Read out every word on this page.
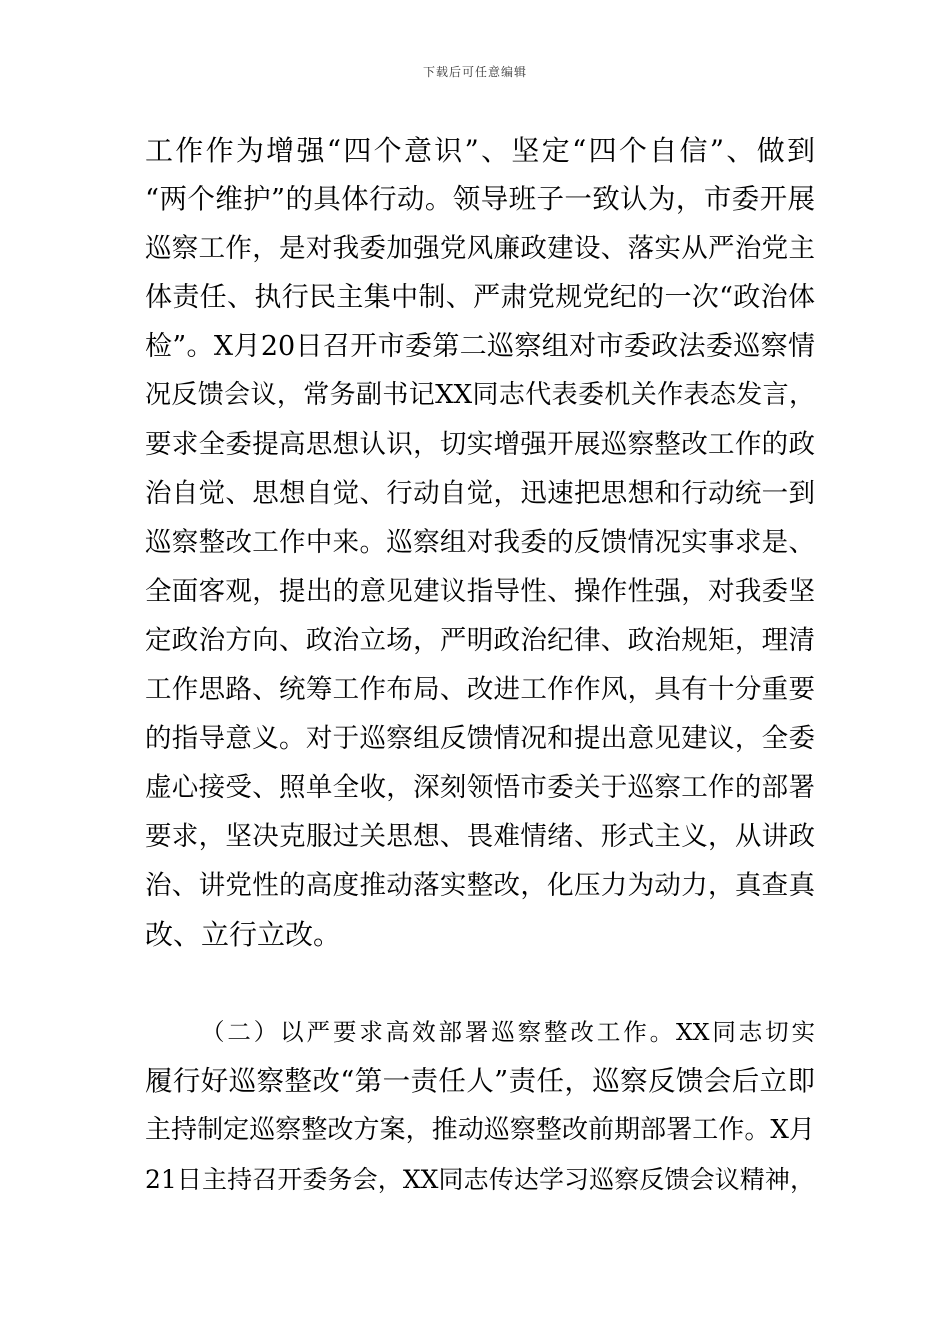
下载后可任意编辑
工作作为增强“四个意识”、坚定“四个自信”、做到
“两个维护”的具体行动。领导班子一致认为，市委开展
巡察工作，是对我委加强党风廉政建设、落实从严治党主
体责任、执行民主集中制、严肃党规党纪的一次“政治体
检”。X月20日召开市委第二巡察组对市委政法委巡察情
况反馈会议，常务副书记XX同志代表委机关作表态发言，
要求全委提高思想认识，切实增强开展巡察整改工作的政
治自觉、思想自觉、行动自觉，迅速把思想和行动统一到
巡察整改工作中来。巡察组对我委的反馈情况实事求是、
全面客观，提出的意见建议指导性、操作性强，对我委坚
定政治方向、政治立场，严明政治纪律、政治规矩，理清
工作思路、统筹工作布局、改进工作作风，具有十分重要
的指导意义。对于巡察组反馈情况和提出意见建议，全委
虚心接受、照单全收，深刻领悟市委关于巡察工作的部署
要求，坚决克服过关思想、畏难情绪、形式主义，从讲政
治、讲党性的高度推动落实整改，化压力为动力，真查真
改、立行立改。
（二）以严要求高效部署巡察整改工作。XX同志切实
履行好巡察整改“第一责任人”责任，巡察反馈会后立即
主持制定巡察整改方案，推动巡察整改前期部署工作。X月
21日主持召开委务会，XX同志传达学习巡察反馈会议精神，
